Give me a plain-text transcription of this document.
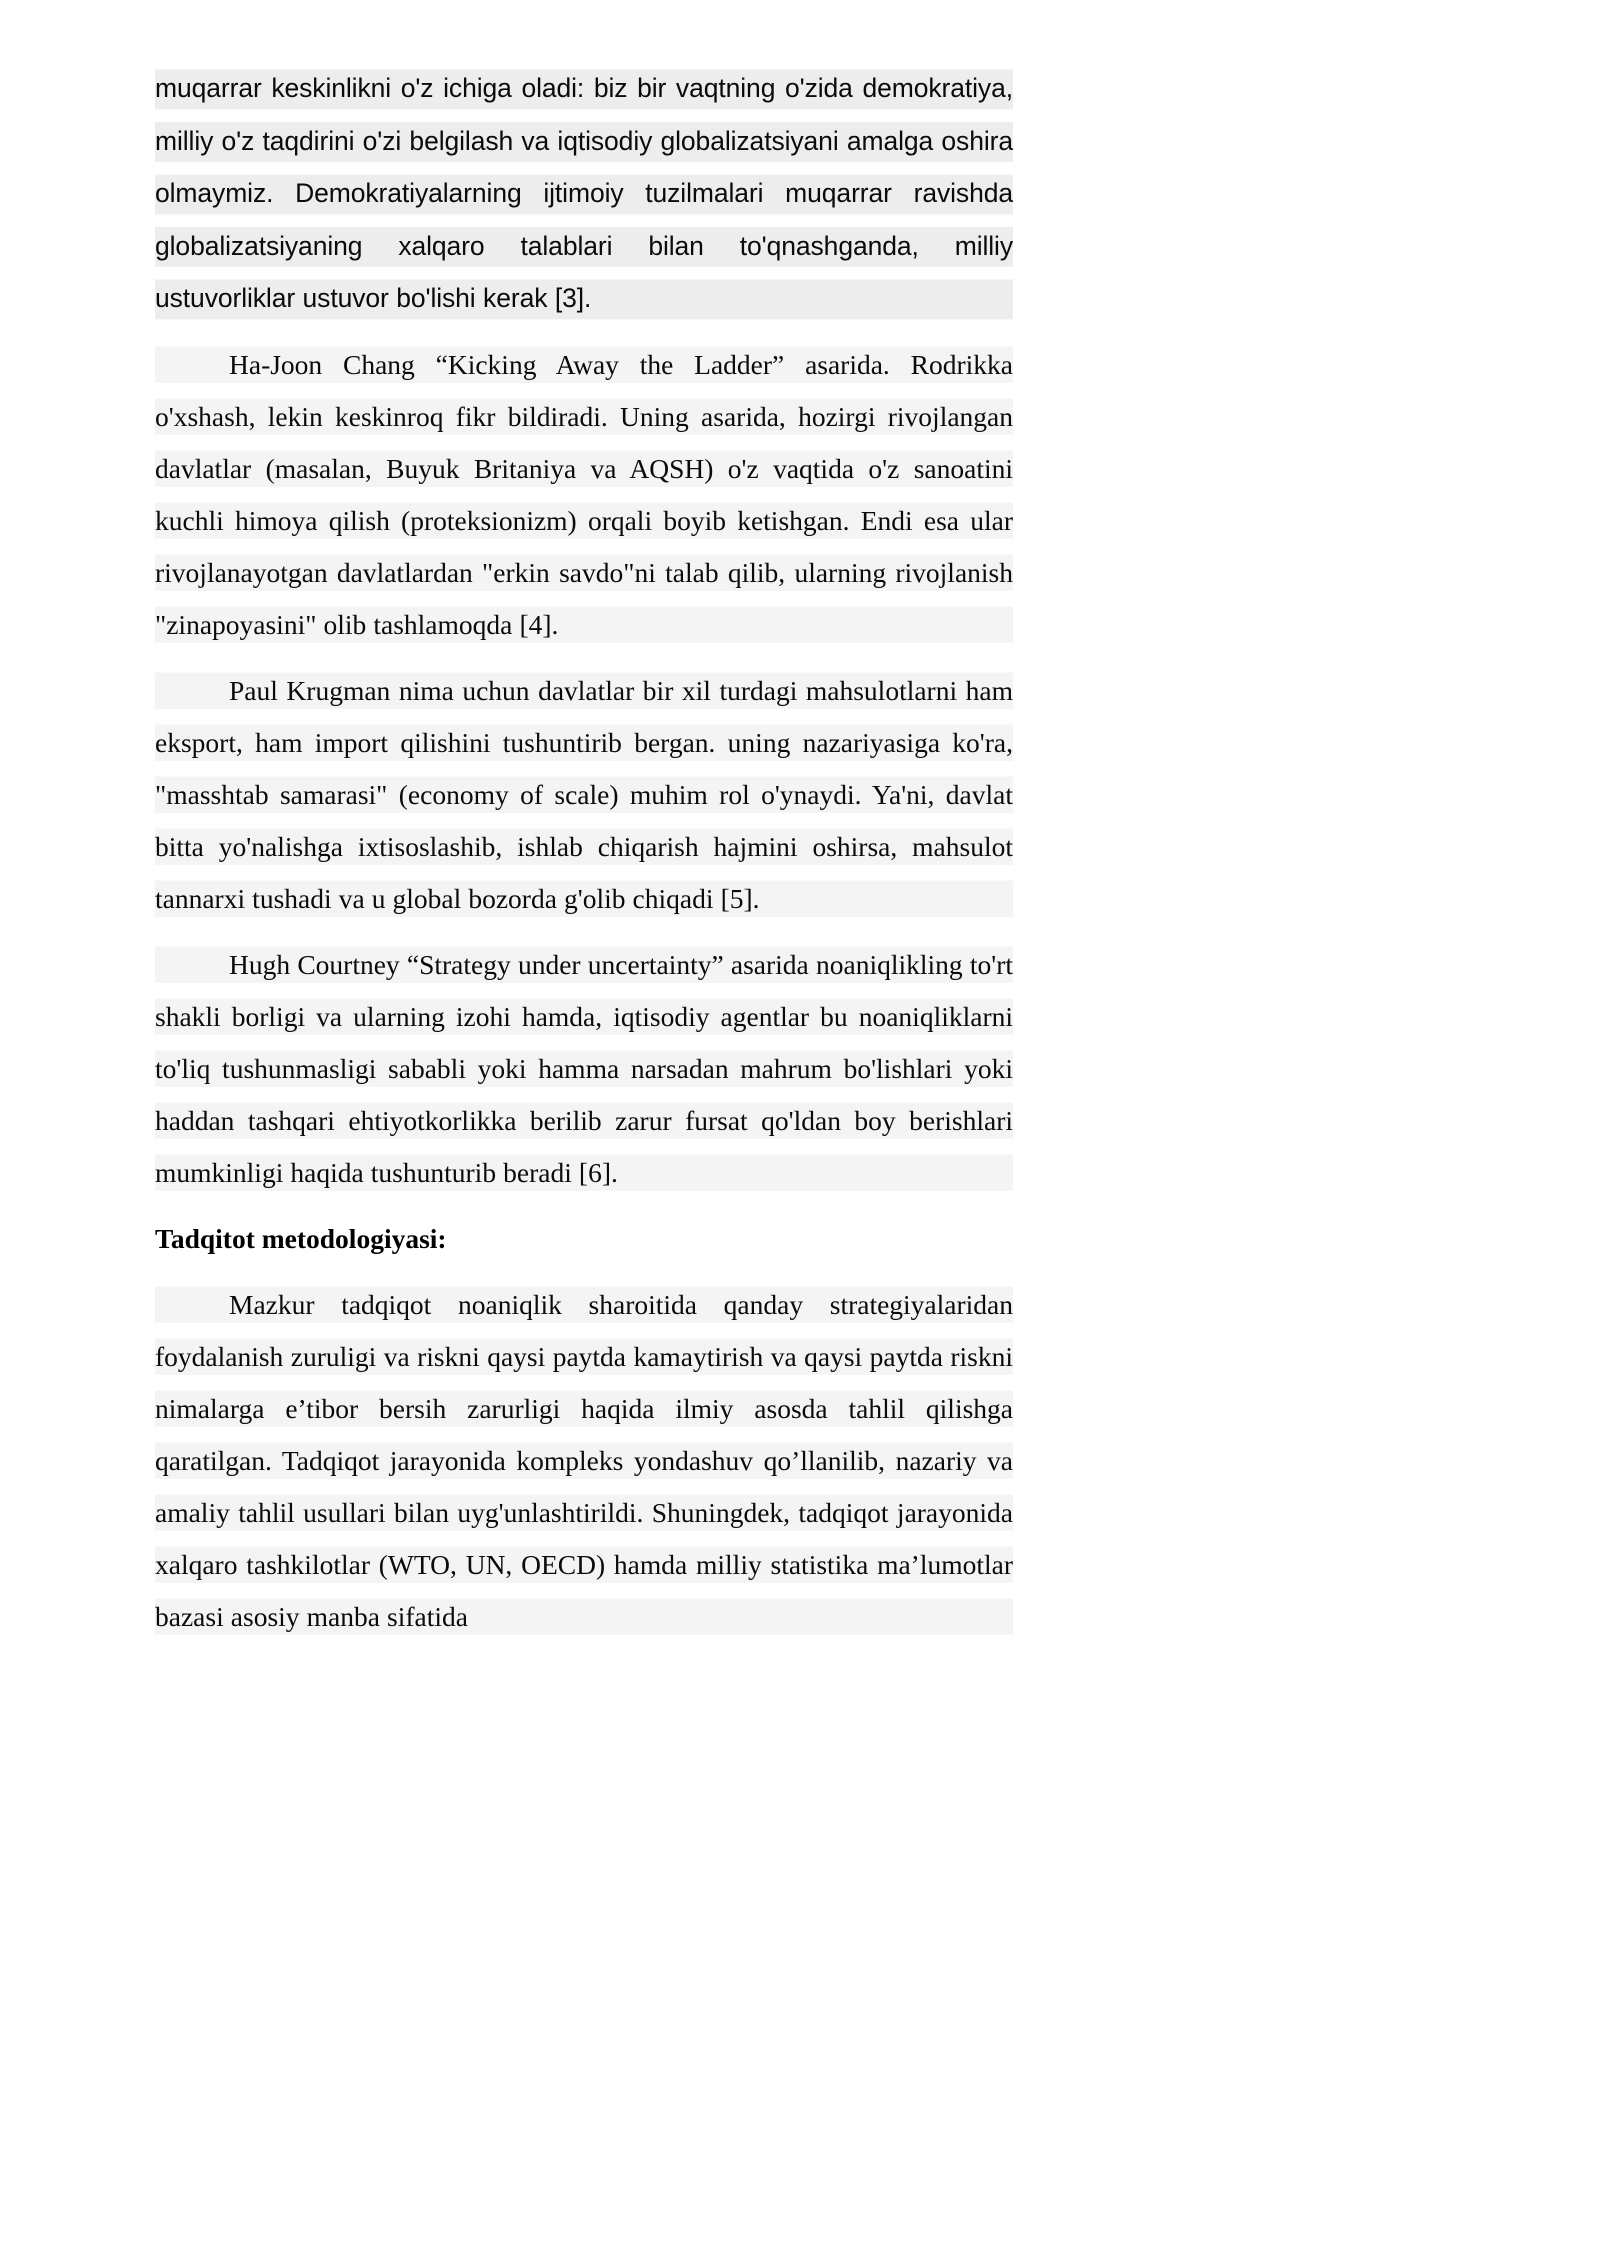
muqarrar keskinlikni o'z ichiga oladi: biz bir vaqtning o'zida demokratiya, milliy o'z taqdirini o'zi belgilash va iqtisodiy globalizatsiyani amalga oshira olmaymiz. Demokratiyalarning ijtimoiy tuzilmalari muqarrar ravishda globalizatsiyaning xalqaro talablari bilan to'qnashganda, milliy ustuvorliklar ustuvor bo'lishi kerak [3].

Ha-Joon Chang “Kicking Away the Ladder” asarida. Rodrikka o'xshash, lekin keskinroq fikr bildiradi. Uning asarida, hozirgi rivojlangan davlatlar (masalan, Buyuk Britaniya va AQSH) o'z vaqtida o'z sanoatini kuchli himoya qilish (proteksionizm) orqali boyib ketishgan. Endi esa ular rivojlanayotgan davlatlardan "erkin savdo"ni talab qilib, ularning rivojlanish "zinapoyasini" olib tashlamoqda [4].

Paul Krugman nima uchun davlatlar bir xil turdagi mahsulotlarni ham eksport, ham import qilishini tushuntirib bergan. uning nazariyasiga ko'ra, "masshtab samarasi" (economy of scale) muhim rol o'ynaydi. Ya'ni, davlat bitta yo'nalishga ixtisoslashib, ishlab chiqarish hajmini oshirsa, mahsulot tannarxi tushadi va u global bozorda g'olib chiqadi [5].

Hugh Courtney “Strategy under uncertainty” asarida noaniqlikling to'rt shakli borligi va ularning izohi hamda, iqtisodiy agentlar bu noaniqliklarni to'liq tushunmasligi sababli yoki hamma narsadan mahrum bo'lishlari yoki haddan tashqari ehtiyotkorlikka berilib zarur fursat qo'ldan boy berishlari mumkinligi haqida tushunturib beradi [6].

Tadqitot metodologiyasi:

Mazkur tadqiqot noaniqlik sharoitida qanday strategiyalaridan foydalanish zuruligi va riskni qaysi paytda kamaytirish va qaysi paytda riskni nimalarga e’tibor bersih zarurligi haqida ilmiy asosda tahlil qilishga qaratilgan. Tadqiqot jarayonida kompleks yondashuv qo’llanilib, nazariy va amaliy tahlil usullari bilan uyg'unlashtirildi. Shuningdek, tadqiqot jarayonida xalqaro tashkilotlar (WTO, UN, OECD) hamda milliy statistika ma’lumotlar bazasi asosiy manba sifatida
